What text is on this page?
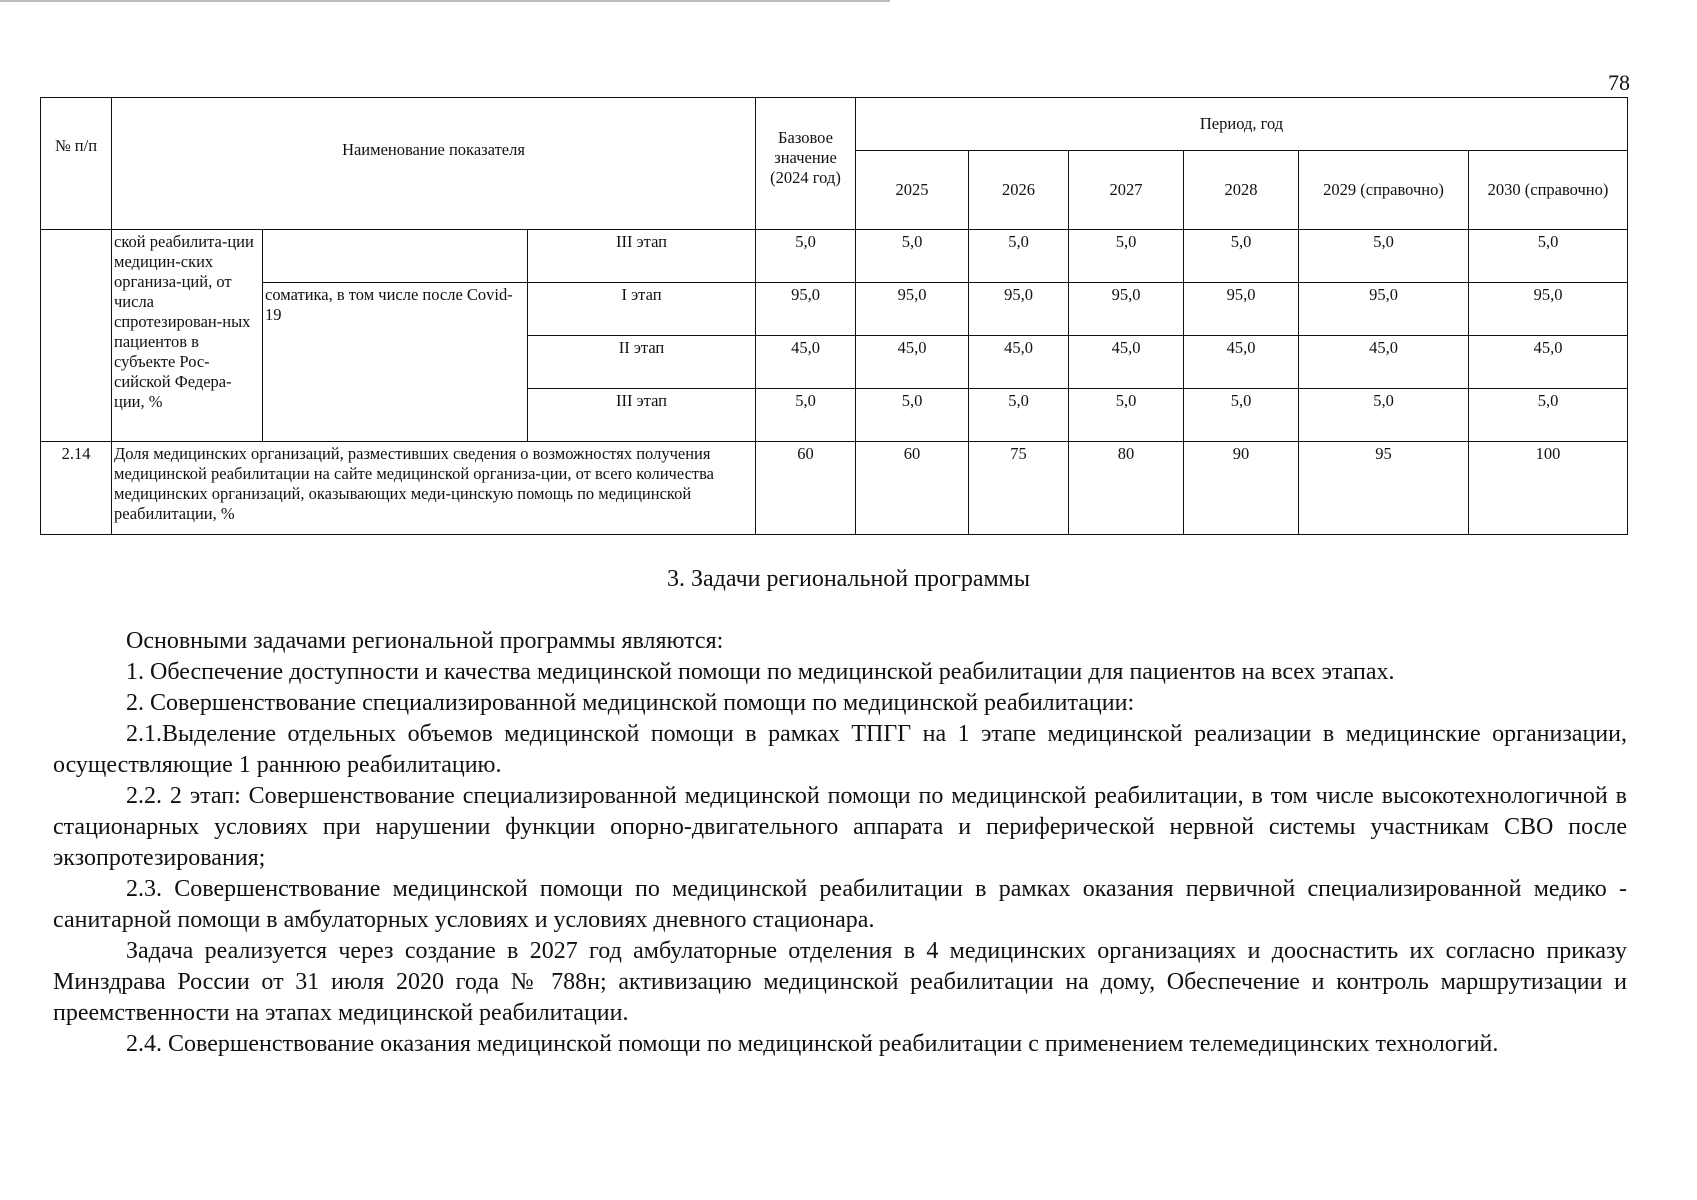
78
№ п/п	Наименование показателя			Базовое значение (2024 год)	Период, год					
					2025	2026	2027	2028	2029 (справочно)	2030 (справочно)
	ской реабилита-ции медицин-ских организа-ций, от числа спротезирован-ных пациентов в субъекте Рос-сийской Федера-ции, %		III этап	5,0	5,0	5,0	5,0	5,0	5,0	5,0
		соматика, в том числе после Covid-19	I этап	95,0	95,0	95,0	95,0	95,0	95,0	95,0
			II этап	45,0	45,0	45,0	45,0	45,0	45,0	45,0
			III этап	5,0	5,0	5,0	5,0	5,0	5,0	5,0
2.14	Доля медицинских организаций, разместивших сведения о возможностях получения медицинской реабилитации на сайте медицинской организа-ции, от всего количества медицинских организаций, оказывающих меди-цинскую помощь по медицинской реабилитации, %			60	60	75	80	90	95	100
3. Задачи региональной программы

Основными задачами региональной программы являются:

1. Обеспечение доступности и качества медицинской помощи по медицинской реабилитации для пациентов на всех этапах.

2. Совершенствование специализированной медицинской помощи по медицинской реабилитации:

2.1.Выделение отдельных объемов медицинской помощи в рамках ТПГГ на 1 этапе медицинской реализации в медицинские организации, осуществляющие 1 раннюю реабилитацию.

2.2. 2 этап: Совершенствование специализированной медицинской помощи по медицинской реабилитации, в том числе высокотехнологичной в стационарных условиях при нарушении функции опорно-двигательного аппарата и периферической нервной системы участникам СВО после экзопротезирования;

2.3. Совершенствование медицинской помощи по медицинской реабилитации в рамках оказания первичной специализированной медико - санитарной помощи в амбулаторных условиях и условиях дневного стационара.

Задача реализуется через создание в 2027 год амбулаторные отделения в 4 медицинских организациях и дооснастить их согласно приказу Минздрава России от 31 июля 2020 года № 788н; активизацию медицинской реабилитации на дому, Обеспечение и контроль маршрутизации и преемственности на этапах медицинской реабилитации.

2.4. Совершенствование оказания медицинской помощи по медицинской реабилитации с применением телемедицинских технологий.
